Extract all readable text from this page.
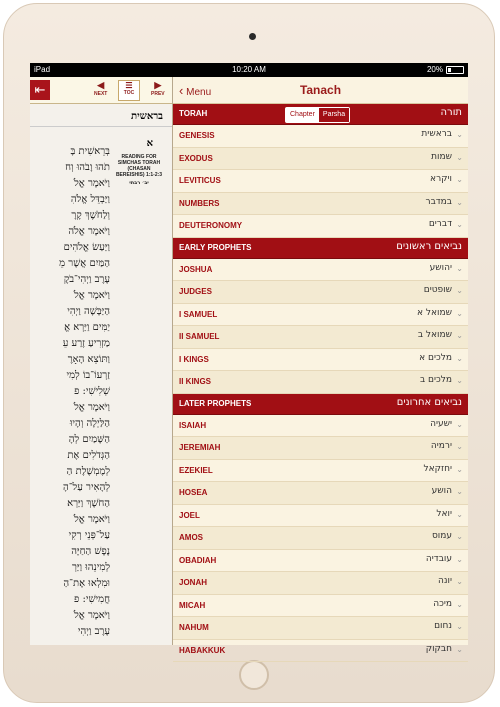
iPad	10:20 AM	20%
⇤	◀
NEXT
☰
TOC
▶
PREV
בראשית
א
READING FOR SIMCHAS TORAH (CHASAN BEREISHIS) 1:1-2:3
יב׳ רבתי
בְּרֵאשִׁית בָּ
תֹהוּ וָבֹהוּ וְח
וַיֹּאמֶר אֱלֹ
וַיַּבְדֵּל אֱלֹהִ
וְלַחֹשֶׁךְ קָרָ
וַיֹּאמֶר אֱלֹה
וַיַּעַשׂ אֱלֹהִים
הַמַּיִם אֲשֶׁר מֵ
עֶרֶב וַיְהִי־בֹקֶ
וַיֹּאמֶר אֱלֹ
הַיַּבָּשָׁה וַיְהִי
יַמִּים וַיַּרְא אֱ
מַזְרִיעַ זֶרַע עֵ
וַתּוֹצֵא הָאָרֶ
זַרְעוֹ־בוֹ לְמִי
שְׁלִישִׁי: פ
וַיֹּאמֶר אֱלֹ
הַלַּיְלָה וְהָיוּ
הַשָּׁמַיִם לְהָ
הַגְּדֹלִים אֶת
לְמֶמְשֶׁלֶת הַ
לְהָאִיר עַל־הָ
הַחֹשֶׁךְ וַיַּרְא
וַיֹּאמֶר אֱלֹ
עַל־פְּנֵי רְקִי
נֶפֶשׁ הַחַיָּה
לְמִינֵהוּ וַיַּרְ
וּמִלְאוּ אֶת־הַ
חֲמִישִׁי: פ
וַיֹּאמֶר אֱלֹ
עֶרֶב וַיְהִי
‹ Menu	Tanach
TORAH	Chapter	Parsha	תורה
GENESIS	בראשית ⌄
EXODUS	שמות ⌄
LEVITICUS	ויקרא ⌄
NUMBERS	במדבר ⌄
DEUTERONOMY	דברים ⌄
EARLY PROPHETS	נביאים ראשונים
JOSHUA	יהושע ⌄
JUDGES	שופטים ⌄
I SAMUEL	שמואל א ⌄
II SAMUEL	שמואל ב ⌄
I KINGS	מלכים א ⌄
II KINGS	מלכים ב ⌄
LATER PROPHETS	נביאים אחרונים
ISAIAH	ישעיה ⌄
JEREMIAH	ירמיה ⌄
EZEKIEL	יחזקאל ⌄
HOSEA	הושע ⌄
JOEL	יואל ⌄
AMOS	עמוס ⌄
OBADIAH	עובדיה ⌄
JONAH	יונה ⌄
MICAH	מיכה ⌄
NAHUM	נחום ⌄
HABAKKUK	חבקוק ⌄
